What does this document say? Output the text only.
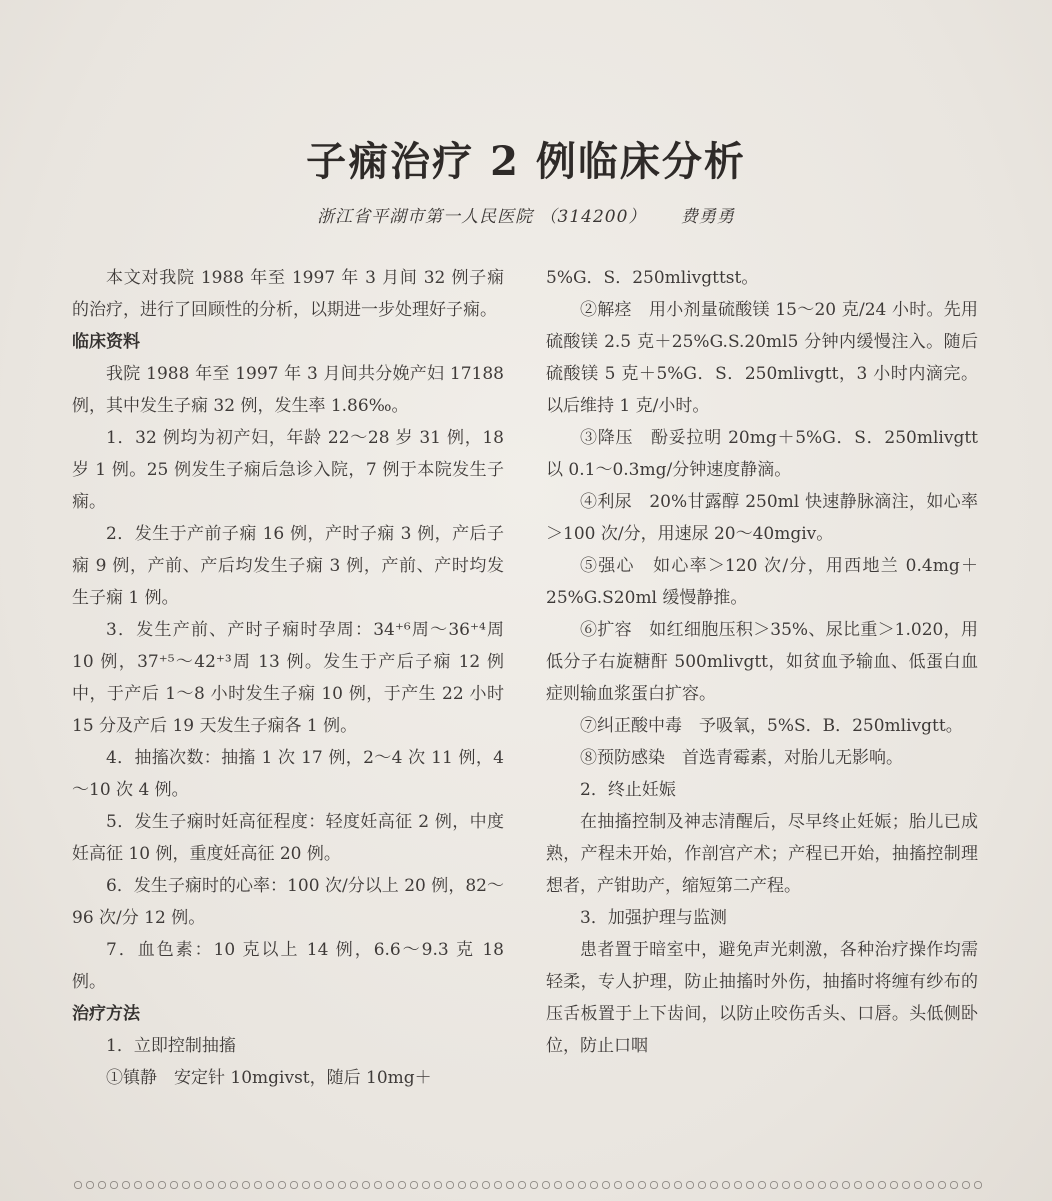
子痫治疗 2 例临床分析
浙江省平湖市第一人民医院 （314200） 费勇勇

本文对我院 1988 年至 1997 年 3 月间 32 例子痫的治疗，进行了回顾性的分析，以期进一步处理好子痫。

临床资料

我院 1988 年至 1997 年 3 月间共分娩产妇 17188 例，其中发生子痫 32 例，发生率 1.86‰。

1．32 例均为初产妇，年龄 22～28 岁 31 例，18 岁 1 例。25 例发生子痫后急诊入院，7 例于本院发生子痫。

2．发生于产前子痫 16 例，产时子痫 3 例，产后子痫 9 例，产前、产后均发生子痫 3 例，产前、产时均发生子痫 1 例。

3．发生产前、产时子痫时孕周：34⁺⁶周～36⁺⁴周 10 例，37⁺⁵～42⁺³周 13 例。发生于产后子痫 12 例中，于产后 1～8 小时发生子痫 10 例，于产生 22 小时 15 分及产后 19 天发生子痫各 1 例。

4．抽搐次数：抽搐 1 次 17 例，2～4 次 11 例，4～10 次 4 例。

5．发生子痫时妊高征程度：轻度妊高征 2 例，中度妊高征 10 例，重度妊高征 20 例。

6．发生子痫时的心率：100 次/分以上 20 例，82～96 次/分 12 例。

7．血色素：10 克以上 14 例，6.6～9.3 克 18 例。

治疗方法

1．立即控制抽搐

①镇静　安定针 10mgivst，随后 10mg＋

5%G．S．250mlivgttst。

②解痉　用小剂量硫酸镁 15～20 克/24 小时。先用硫酸镁 2.5 克＋25%G.S.20ml5 分钟内缓慢注入。随后硫酸镁 5 克＋5%G．S．250mlivgtt，3 小时内滴完。以后维持 1 克/小时。

③降压　酚妥拉明 20mg＋5%G．S．250mlivgtt 以 0.1～0.3mg/分钟速度静滴。

④利尿　20%甘露醇 250ml 快速静脉滴注，如心率＞100 次/分，用速尿 20～40mgiv。

⑤强心　如心率＞120 次/分，用西地兰 0.4mg＋25%G.S20ml 缓慢静推。

⑥扩容　如红细胞压积＞35%、尿比重＞1.020，用低分子右旋糖酐 500mlivgtt，如贫血予输血、低蛋白血症则输血浆蛋白扩容。

⑦纠正酸中毒　予吸氧，5%S．B．250mlivgtt。

⑧预防感染　首选青霉素，对胎儿无影响。

2．终止妊娠

在抽搐控制及神志清醒后，尽早终止妊娠；胎儿已成熟，产程未开始，作剖宫产术；产程已开始，抽搐控制理想者，产钳助产，缩短第二产程。

3．加强护理与监测

患者置于暗室中，避免声光刺激，各种治疗操作均需轻柔，专人护理，防止抽搐时外伤，抽搐时将缠有纱布的压舌板置于上下齿间，以防止咬伤舌头、口唇。头低侧卧位，防止口咽
